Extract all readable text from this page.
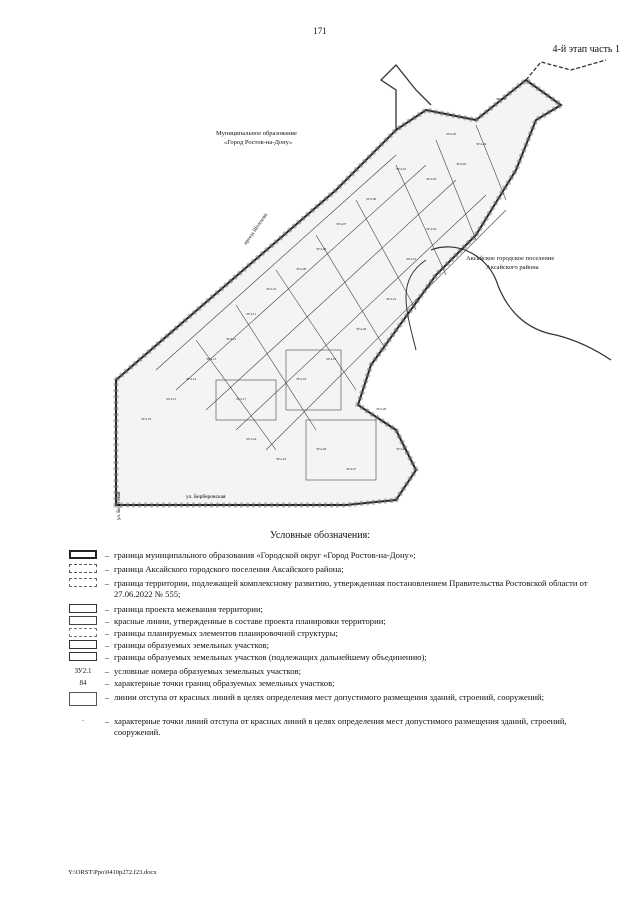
171
4-й этап часть 1
ЗУ4.01
ЗУ4.02
ЗУ4.03
ЗУ4.04
ЗУ4.05
ЗУ4.06
ЗУ4.07
ЗУ4.08
ЗУ4.09
ЗУ4.10
ЗУ4.11
ЗУ4.12
ЗУ4.13
ЗУ4.14
ЗУ4.15
ЗУ4.16
ЗУ4.17
ЗУ4.18
ЗУ4.19
ЗУ4.20
ЗУ4.21
ЗУ4.22
ЗУ4.23
ЗУ4.24
ЗУ4.25
ЗУ4.26
ЗУ4.27
ЗУ4.28
ЗУ4.29
ЗУ4.30
Муниципальное образование
«Город Ростов-на-Дону»
Аксайское городское поселение
Аксайского района
проезд Шолохова
ул. Берберовская
ул. Береговая
Условные обозначения:
– граница муниципального образования «Городской округ «Город Ростов-на-Дону»;
– граница Аксайского городского поселения Аксайского района;
– граница территории, подлежащей комплексному развитию, утвержденная постановлением Правительства Ростовской области от 27.06.2022 № 555;
– граница проекта межевания территории;
– красные линии, утвержденные в составе проекта планировки территории;
– границы планируемых элементов планировочной структуры;
– границы образуемых земельных участков;
– границы образуемых земельных участков (подлежащих дальнейшему объединению);
ЗУ2.1	– условные номера образуемых земельных участков;
84	– характерные точки границ образуемых земельных участков;
– линии отступа от красных линий в целях определения мест допустимого размещения зданий, строений, сооружений;
·	– характерные точки линий отступа от красных линий в целях определения мест допустимого размещения зданий, строений, сооружений.
Y:\ORST\Ppo\0410p272.f23.docx
